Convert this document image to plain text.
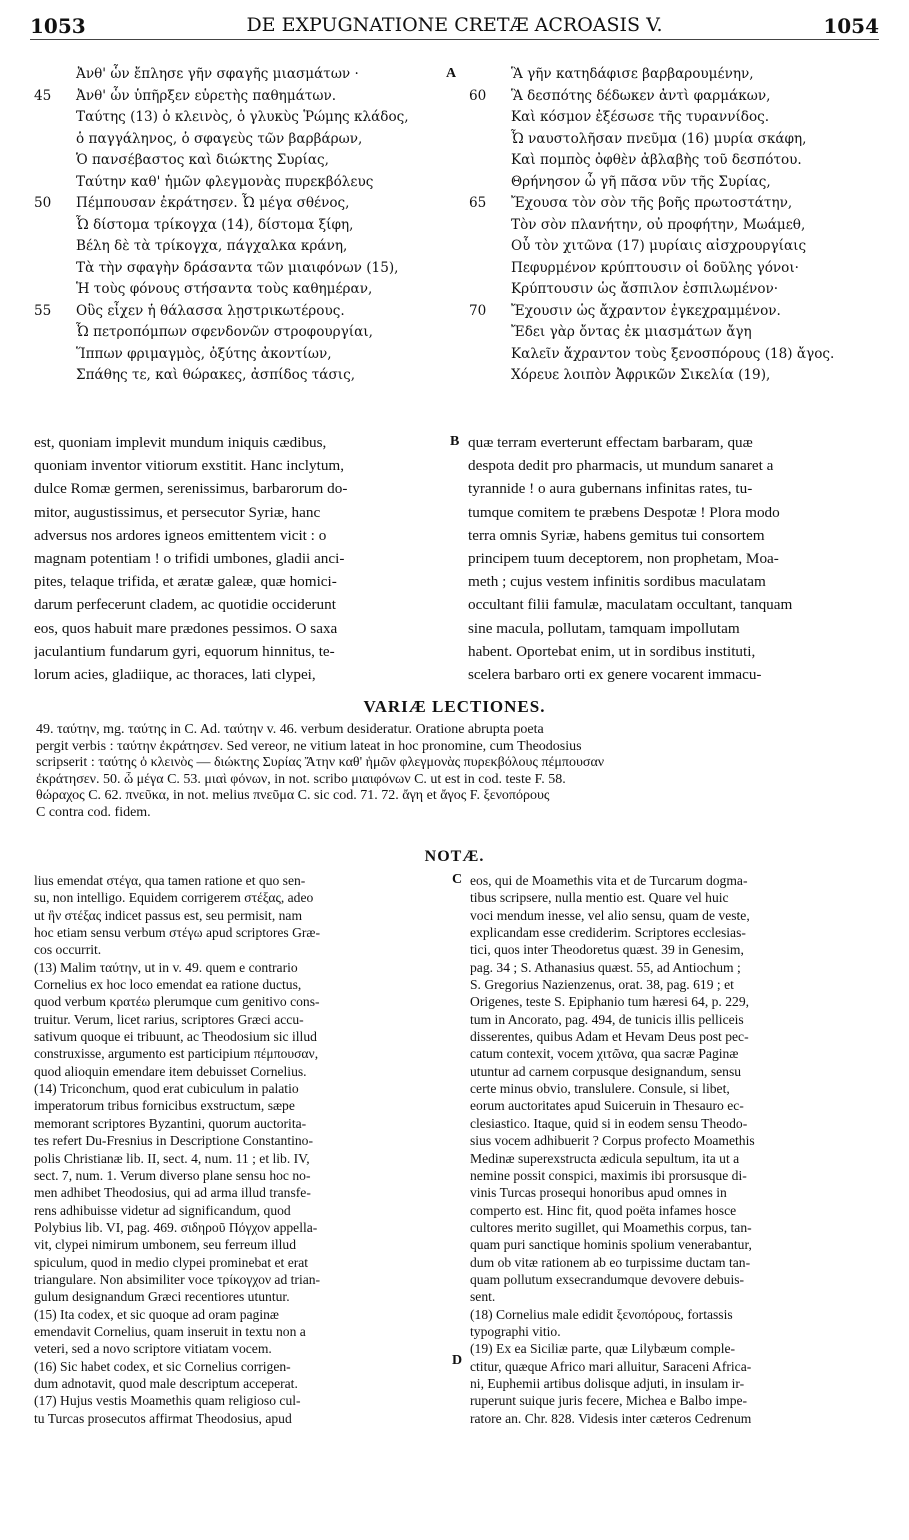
1053	DE EXPUGNATIONE CRETÆ ACROASIS V.	1054
Ἀνθ' ὧν ἔπλησε γῆν σφαγῆς μιασμάτων ·
45 Ἀνθ' ὧν ὑπῆρξεν εὑρετὴς παθημάτων.
Ταύτης (13) ὁ κλεινὸς, ὁ γλυκὺς Ῥώμης κλάδος,
ὁ παγγάληνος, ὁ σφαγεὺς τῶν βαρβάρων,
Ὁ πανσέβαστος καὶ διώκτης Συρίας,
Ταύτην καθ' ἡμῶν φλεγμονὰς πυρεκβόλευς
50 Πέμπουσαν ἐκράτησεν. Ὦ μέγα σθένος,
Ὦ δίστομα τρίκογχα (14), δίστομα ξίφη,
Βέλη δὲ τὰ τρίκογχα, πάγχαλκα κράνη,
Τὰ τὴν σφαγὴν δράσαντα τῶν μιαιφόνων (15),
Ἡ τοὺς φόνους στήσαντα τοὺς καθημέραν,
55 Οὓς εἶχεν ἡ θάλασσα λῃστρικωτέρους.
Ὦ πετροπόμπων σφενδονῶν στροφουργίαι,
Ἵππων φριμαγμὸς, ὀξύτης ἀκοντίων,
Σπάθης τε, καὶ θώρακες, ἀσπίδος τάσις,
Ἃ γῆν κατηδάφισε βαρβαρουμένην,
60 Ἃ δεσπότης δέδωκεν ἀντὶ φαρμάκων,
Καὶ κόσμον ἐξέσωσε τῆς τυραννίδος.
Ὦ ναυστολῆσαν πνεῦμα (16) μυρία σκάφη,
Καὶ πομπὸς ὀφθὲν ἀβλαβὴς τοῦ δεσπότου.
Θρήνησον ὦ γῆ πᾶσα νῦν τῆς Συρίας,
65 Ἔχουσα τὸν σὸν τῆς βοῆς πρωτοστάτην,
Τὸν σὸν πλανήτην, οὐ προφήτην, Μωάμεθ,
Οὗ τὸν χιτῶνα (17) μυρίαις αἰσχρουργίαις
Πεφυρμένον κρύπτουσιν οἱ δοῦλης γόνοι·
Κρύπτουσιν ὡς ἄσπιλον ἐσπιλωμένον·
70 Ἔχουσιν ὡς ἄχραντον ἐγκεχραμμένον.
Ἔδει γὰρ ὄντας ἐκ μιασμάτων ἄγη
Καλεῖν ἄχραντον τοὺς ξενοσπόρους (18) ἄγος.
Χόρευε λοιπὸν Ἀφρικῶν Σικελία (19),
A
est, quoniam implevit mundum iniquis cædibus,
quoniam inventor vitiorum exstitit. Hanc inclytum,
dulce Romæ germen, serenissimus, barbarorum do-
mitor, augustissimus, et persecutor Syriæ, hanc
adversus nos ardores igneos emittentem vicit : o
magnam potentiam ! o trifidi umbones, gladii anci-
pites, telaque trifida, et æratæ galeæ, quæ homici-
darum perfecerunt cladem, ac quotidie occiderunt
eos, quos habuit mare prædones pessimos. O saxa
jaculantium fundarum gyri, equorum hinnitus, te-
lorum acies, gladiique, ac thoraces, lati clypei,
quæ terram everterunt effectam barbaram, quæ
despota dedit pro pharmacis, ut mundum sanaret a
tyrannide ! o aura gubernans infinitas rates, tu-
tumque comitem te præbens Despotæ ! Plora modo
terra omnis Syriæ, habens gemitus tui consortem
principem tuum deceptorem, non prophetam, Moa-
meth ; cujus vestem infinitis sordibus maculatam
occultant filii famulæ, maculatam occultant, tanquam
sine macula, pollutam, tamquam impollutam
habent. Oportebat enim, ut in sordibus instituti,
scelera barbaro orti ex genere vocarent immacu-
B
VARIÆ LECTIONES.
49. ταύτην, mg. ταύτης in C. Ad. ταύτην v. 46. verbum desideratur. Oratione abrupta poeta
pergit verbis : ταύτην ἐκράτησεν. Sed vereor, ne vitium lateat in hoc pronomine, cum Theodosius
scripserit : ταύτης ὁ κλεινὸς — διώκτης Συρίας Ἄτην καθ' ἡμῶν φλεγμονὰς πυρεκβόλους πέμπουσαν
ἐκράτησεν. 50. ὦ μέγα C. 53. μιαὶ φόνων, in not. scribo μιαιφόνων C. ut est in cod. teste F. 58.
θώραχος C. 62. πνεῦκα, in not. melius πνεῦμα C. sic cod. 71. 72. ἄγη et ἄγος F. ξενοπόρους
C contra cod. fidem.
NOTÆ.
lius emendat στέγα, qua tamen ratione et quo sen-
su, non intelligo. Equidem corrigerem στέξας, adeo
ut ἣν στέξας indicet passus est, seu permisit, nam
hoc etiam sensu verbum στέγω apud scriptores Græ-
cos occurrit.
(13) Malim ταύτην, ut in v. 49. quem e contrario
Cornelius ex hoc loco emendat ea ratione ductus,
quod verbum κρατέω plerumque cum genitivo cons-
truitur. Verum, licet rarius, scriptores Græci accu-
sativum quoque ei tribuunt, ac Theodosium sic illud
construxisse, argumento est participium πέμπουσαν,
quod alioquin emendare item debuisset Cornelius.
(14) Triconchum, quod erat cubiculum in palatio
imperatorum tribus fornicibus exstructum, sæpe
memorant scriptores Byzantini, quorum auctorita-
tes refert Du-Fresnius in Descriptione Constantino-
polis Christianæ lib. II, sect. 4, num. 11 ; et lib. IV,
sect. 7, num. 1. Verum diverso plane sensu hoc no-
men adhibet Theodosius, qui ad arma illud transfe-
rens adhibuisse videtur ad significandum, quod
Polybius lib. VI, pag. 469. σιδηροῦ Πόγχον appella-
vit, clypei nimirum umbonem, seu ferreum illud
spiculum, quod in medio clypei prominebat et erat
triangulare. Non absimiliter voce τρίκογχον ad trian-
gulum designandum Græci recentiores utuntur.
(15) Ita codex, et sic quoque ad oram paginæ
emendavit Cornelius, quam inseruit in textu non a
veteri, sed a novo scriptore vitiatam vocem.
(16) Sic habet codex, et sic Cornelius corrigen-
dum adnotavit, quod male descriptum acceperat.
(17) Hujus vestis Moamethis quam religioso cul-
tu Turcas prosecutos affirmat Theodosius, apud
eos, qui de Moamethis vita et de Turcarum dogma-
tibus scripsere, nulla mentio est. Quare vel huic
voci mendum inesse, vel alio sensu, quam de veste,
explicandam esse crediderim. Scriptores ecclesias-
tici, quos inter Theodoretus quæst. 39 in Genesim,
pag. 34 ; S. Athanasius quæst. 55, ad Antiochum ;
S. Gregorius Nazienzenus, orat. 38, pag. 619 ; et
Origenes, teste S. Epiphanio tum hæresi 64, p. 229,
tum in Ancorato, pag. 494, de tunicis illis pelliceis
disserentes, quibus Adam et Hevam Deus post pec-
catum contexit, vocem χιτῶνα, qua sacræ Paginæ
utuntur ad carnem corpusque designandum, sensu
certe minus obvio, translulere. Consule, si libet,
eorum auctoritates apud Suiceruin in Thesauro ec-
clesiastico. Itaque, quid si in eodem sensu Theodo-
sius vocem adhibuerit ? Corpus profecto Moamethis
Medinæ superexstructa ædicula sepultum, ita ut a
nemine possit conspici, maximis ibi prorsusque di-
vinis Turcas prosequi honoribus apud omnes in
comperto est. Hinc fit, quod poëta infames hosce
cultores merito sugillet, qui Moamethis corpus, tan-
quam puri sanctique hominis spolium venerabantur,
dum ob vitæ rationem ab eo turpissime ductam tan-
quam pollutum exsecrandumque devovere debuis-
sent.
(18) Cornelius male edidit ξενοπόρους, fortassis
typographi vitio.
(19) Ex ea Siciliæ parte, quæ Lilybæum comple-
ctitur, quæque Africo mari alluitur, Saraceni Africa-
ni, Euphemii artibus dolisque adjuti, in insulam ir-
ruperunt suique juris fecere, Michea e Balbo impe-
ratore an. Chr. 828. Videsis inter cæteros Cedrenum
C
D
